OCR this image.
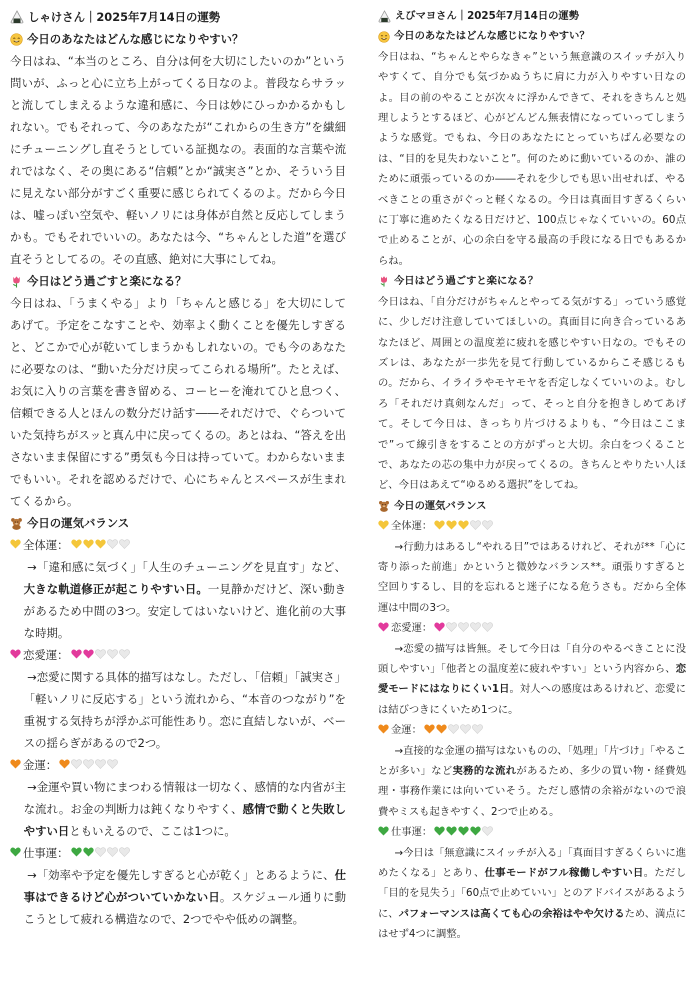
しゃけさん｜2025年7月14日の運勢
今日のあなたはどんな感じになりやすい？

今日はね、“本当のところ、自分は何を大切にしたいのか”という問いが、ふっと心に立ち上がってくる日なのよ。普段ならサラッと流してしまえるような違和感に、今日は妙にひっかかるかもしれない。でもそれって、今のあなたが“これからの生き方”を繊細にチューニングし直そうとしている証拠なの。表面的な言葉や流れではなく、その奥にある“信頼”とか“誠実さ”とか、そういう目に見えない部分がすごく重要に感じられてくるのよ。だから今日は、嘘っぽい空気や、軽いノリには身体が自然と反応してしまうかも。でもそれでいいの。あなたは今、“ちゃんとした道”を選び直そうとしてるの。その直感、絶対に大事にしてね。

今日はどう過ごすと楽になる？

今日はね、「うまくやる」より「ちゃんと感じる」を大切にしてあげて。予定をこなすことや、効率よく動くことを優先しすぎると、どこかで心が乾いてしまうかもしれないの。でも今のあなたに必要なのは、“動いた分だけ戻ってこられる場所”。たとえば、お気に入りの言葉を書き留める、コーヒーを淹れてひと息つく、信頼できる人とほんの数分だけ話す――それだけで、ぐらついていた気持ちがスッと真ん中に戻ってくるの。あとはね、“答えを出さないまま保留にする”勇気も今日は持っていて。わからないままでもいい。それを認めるだけで、心にちゃんとスペースが生まれてくるから。

今日の運気バランス
全体運：

→「違和感に気づく」「人生のチューニングを見直す」など、大きな軌道修正が起こりやすい日。一見静かだけど、深い動きがあるため中間の3つ。安定してはいないけど、進化前の大事な時期。

恋愛運：

→恋愛に関する具体的描写はなし。ただし、「信頼」「誠実さ」「軽いノリに反応する」という流れから、“本音のつながり”を重視する気持ちが浮かぶ可能性あり。恋に直結しないが、ベースの揺らぎがあるので2つ。

金運：

→金運や買い物にまつわる情報は一切なく、感情的な内省が主な流れ。お金の判断力は鈍くなりやすく、感情で動くと失敗しやすい日ともいえるので、ここは1つに。

仕事運：

→「効率や予定を優先しすぎると心が乾く」とあるように、仕事はできるけど心がついていかない日。スケジュール通りに動こうとして疲れる構造なので、2つでやや低めの調整。

えびマヨさん｜2025年7月14日の運勢
今日のあなたはどんな感じになりやすい？

今日はね、“ちゃんとやらなきゃ”という無意識のスイッチが入りやすくて、自分でも気づかぬうちに肩に力が入りやすい日なのよ。目の前のやることが次々に浮かんできて、それをきちんと処理しようとするほど、心がどんどん無表情になっていってしまうような感覚。でもね、今日のあなたにとっていちばん必要なのは、“目的を見失わないこと”。何のために動いているのか、誰のために頑張っているのか――それを少しでも思い出せれば、やるべきことの重さがぐっと軽くなるの。今日は真面目すぎるくらいに丁寧に進めたくなる日だけど、100点じゃなくていいの。60点で止めることが、心の余白を守る最高の手段になる日でもあるからね。

今日はどう過ごすと楽になる？

今日はね、「自分だけがちゃんとやってる気がする」っていう感覚に、少しだけ注意していてほしいの。真面目に向き合っているあなたほど、周囲との温度差に疲れを感じやすい日なの。でもそのズレは、あなたが一歩先を見て行動しているからこそ感じるもの。だから、イライラやモヤモヤを否定しなくていいのよ。むしろ「それだけ真剣なんだ」って、そっと自分を抱きしめてあげて。そして今日は、きっちり片づけるよりも、“今日はここまで”って線引きをすることの方がずっと大切。余白をつくることで、あなたの芯の集中力が戻ってくるの。きちんとやりたい人ほど、今日はあえて“ゆるめる選択”をしてね。

今日の運気バランス
全体運：

→行動力はあるし“やれる日”ではあるけれど、それが**「心に寄り添った前進」かというと微妙なバランス**。頑張りすぎると空回りするし、目的を忘れると迷子になる危うさも。だから全体運は中間の3つ。

恋愛運：

→恋愛の描写は皆無。そして今日は「自分のやるべきことに没頭しやすい」「他者との温度差に疲れやすい」という内容から、恋愛モードにはなりにくい1日。対人への感度はあるけれど、恋愛には結びつきにくいため1つに。

金運：

→直接的な金運の描写はないものの、「処理」「片づけ」「やることが多い」など実務的な流れがあるため、多少の買い物・経費処理・事務作業には向いていそう。ただし感情の余裕がないので浪費やミスも起きやすく、2つで止める。

仕事運：

→今日は「無意識にスイッチが入る」「真面目すぎるくらいに進めたくなる」とあり、仕事モードがフル稼働しやすい日。ただし「目的を見失う」「60点で止めていい」とのアドバイスがあるように、パフォーマンスは高くても心の余裕はやや欠けるため、満点にはせず4つに調整。
